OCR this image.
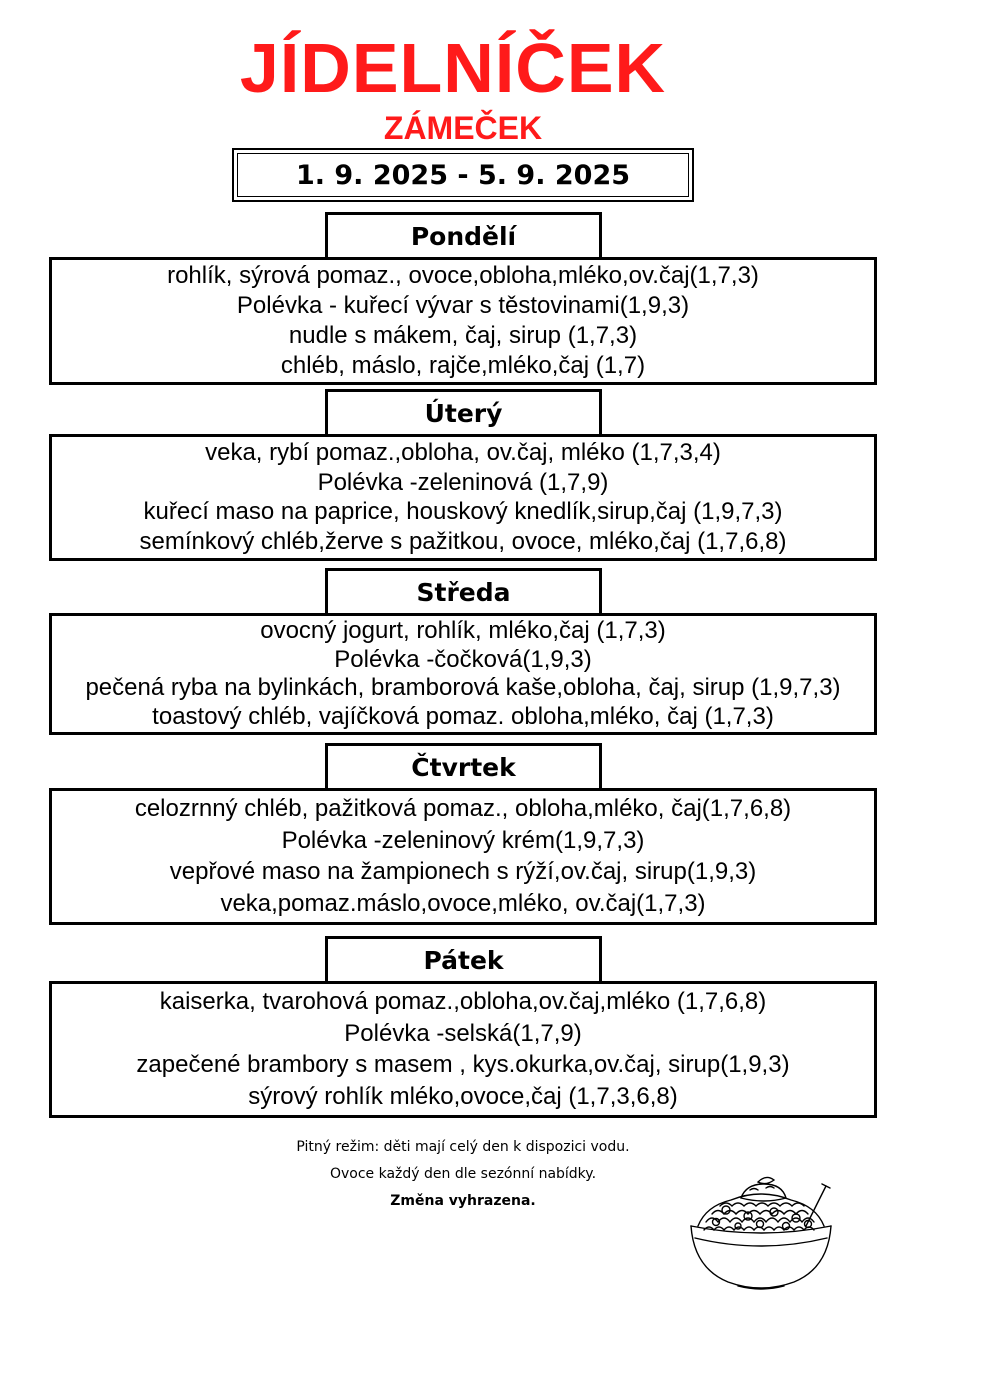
JÍDELNÍČEK
ZÁMEČEK
1. 9. 2025 - 5. 9. 2025
Pondělí
rohlík, sýrová pomaz., ovoce,obloha,mléko,ov.čaj(1,7,3)
Polévka - kuřecí vývar s těstovinami(1,9,3)
nudle s mákem, čaj, sirup (1,7,3)
chléb, máslo, rajče,mléko,čaj (1,7)
Úterý
veka, rybí pomaz.,obloha, ov.čaj, mléko (1,7,3,4)
Polévka -zeleninová (1,7,9)
kuřecí maso na paprice, houskový knedlík,sirup,čaj (1,9,7,3)
semínkový chléb,žerve s pažitkou, ovoce, mléko,čaj (1,7,6,8)
Středa
ovocný jogurt, rohlík, mléko,čaj (1,7,3)
Polévka -čočková(1,9,3)
pečená ryba na bylinkách, bramborová kaše,obloha, čaj, sirup (1,9,7,3)
toastový chléb, vajíčková pomaz. obloha,mléko, čaj (1,7,3)
Čtvrtek
celozrnný chléb, pažitková pomaz., obloha,mléko, čaj(1,7,6,8)
Polévka -zeleninový krém(1,9,7,3)
vepřové maso na žampionech s rýží,ov.čaj, sirup(1,9,3)
veka,pomaz.máslo,ovoce,mléko, ov.čaj(1,7,3)
Pátek
kaiserka, tvarohová pomaz.,obloha,ov.čaj,mléko (1,7,6,8)
Polévka -selská(1,7,9)
zapečené brambory s masem , kys.okurka,ov.čaj, sirup(1,9,3)
sýrový rohlík mléko,ovoce,čaj (1,7,3,6,8)
Pitný režim: děti mají celý den k dispozici vodu.
Ovoce každý den dle sezónní nabídky.
Změna vyhrazena.
